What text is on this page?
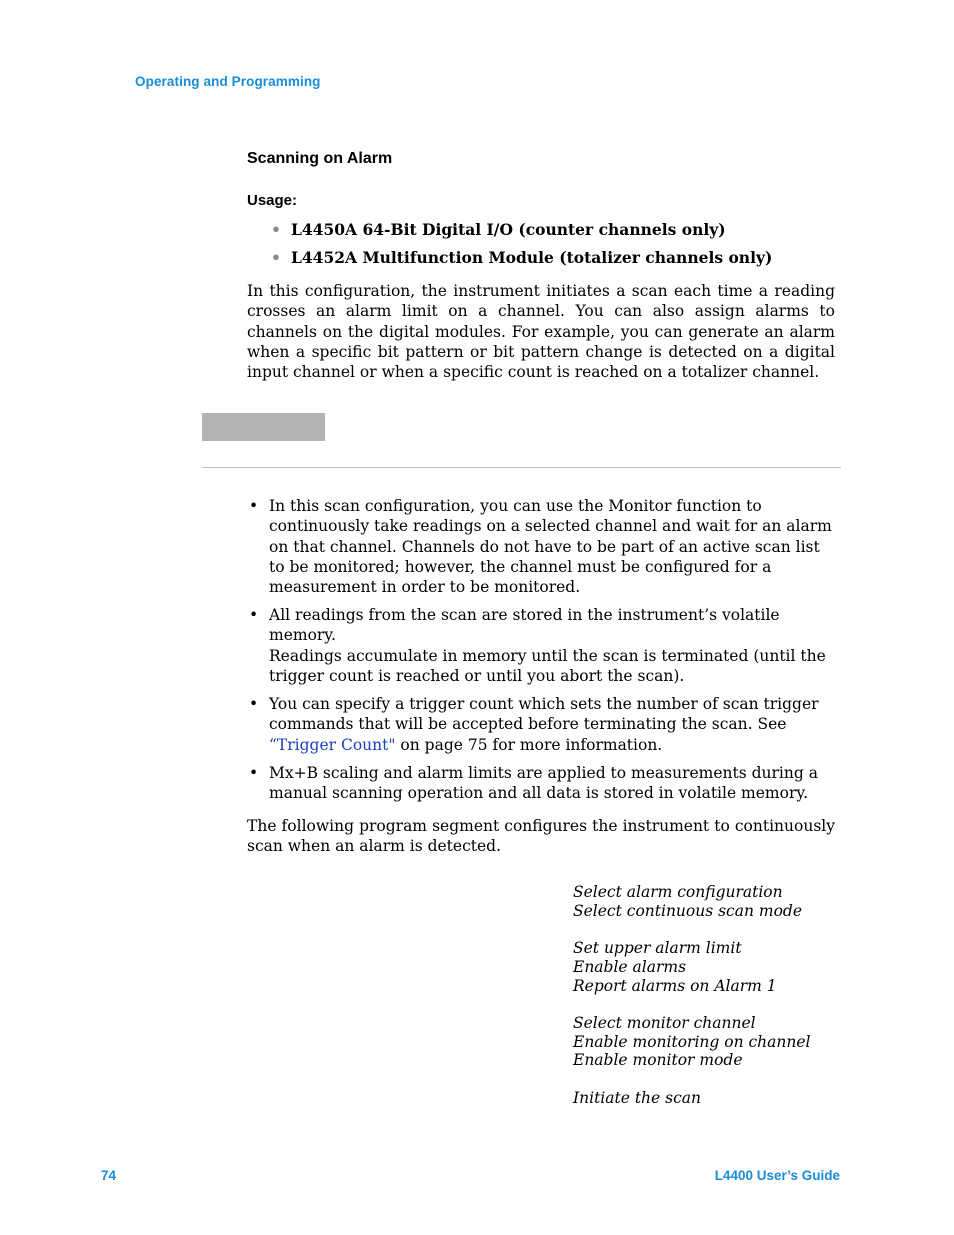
Operating and Programming
Scanning on Alarm
Usage:
• L4450A 64-Bit Digital I/O (counter channels only)
• L4452A Multifunction Module (totalizer channels only)
In this configuration, the instrument initiates a scan each time a reading crosses an alarm limit on a channel. You can also assign alarms to channels on the digital modules. For example, you can generate an alarm when a specific bit pattern or bit pattern change is detected on a digital input channel or when a specific count is reached on a totalizer channel.
• In this scan configuration, you can use the Monitor function to continuously take readings on a selected channel and wait for an alarm on that channel. Channels do not have to be part of an active scan list to be monitored; however, the channel must be configured for a measurement in order to be monitored.

• All readings from the scan are stored in the instrument’s volatile memory.

Readings accumulate in memory until the scan is terminated (until the trigger count is reached or until you abort the scan).

• You can specify a trigger count which sets the number of scan trigger commands that will be accepted before terminating the scan. See “Trigger Count" on page 75 for more information.

• Mx+B scaling and alarm limits are applied to measurements during a manual scanning operation and all data is stored in volatile memory.

The following program segment configures the instrument to continuously scan when an alarm is detected.
Select alarm configuration
Select continuous scan mode
Set upper alarm limit
Enable alarms
Report alarms on Alarm 1
Select monitor channel
Enable monitoring on channel
Enable monitor mode
Initiate the scan
74	L4400 User’s Guide
